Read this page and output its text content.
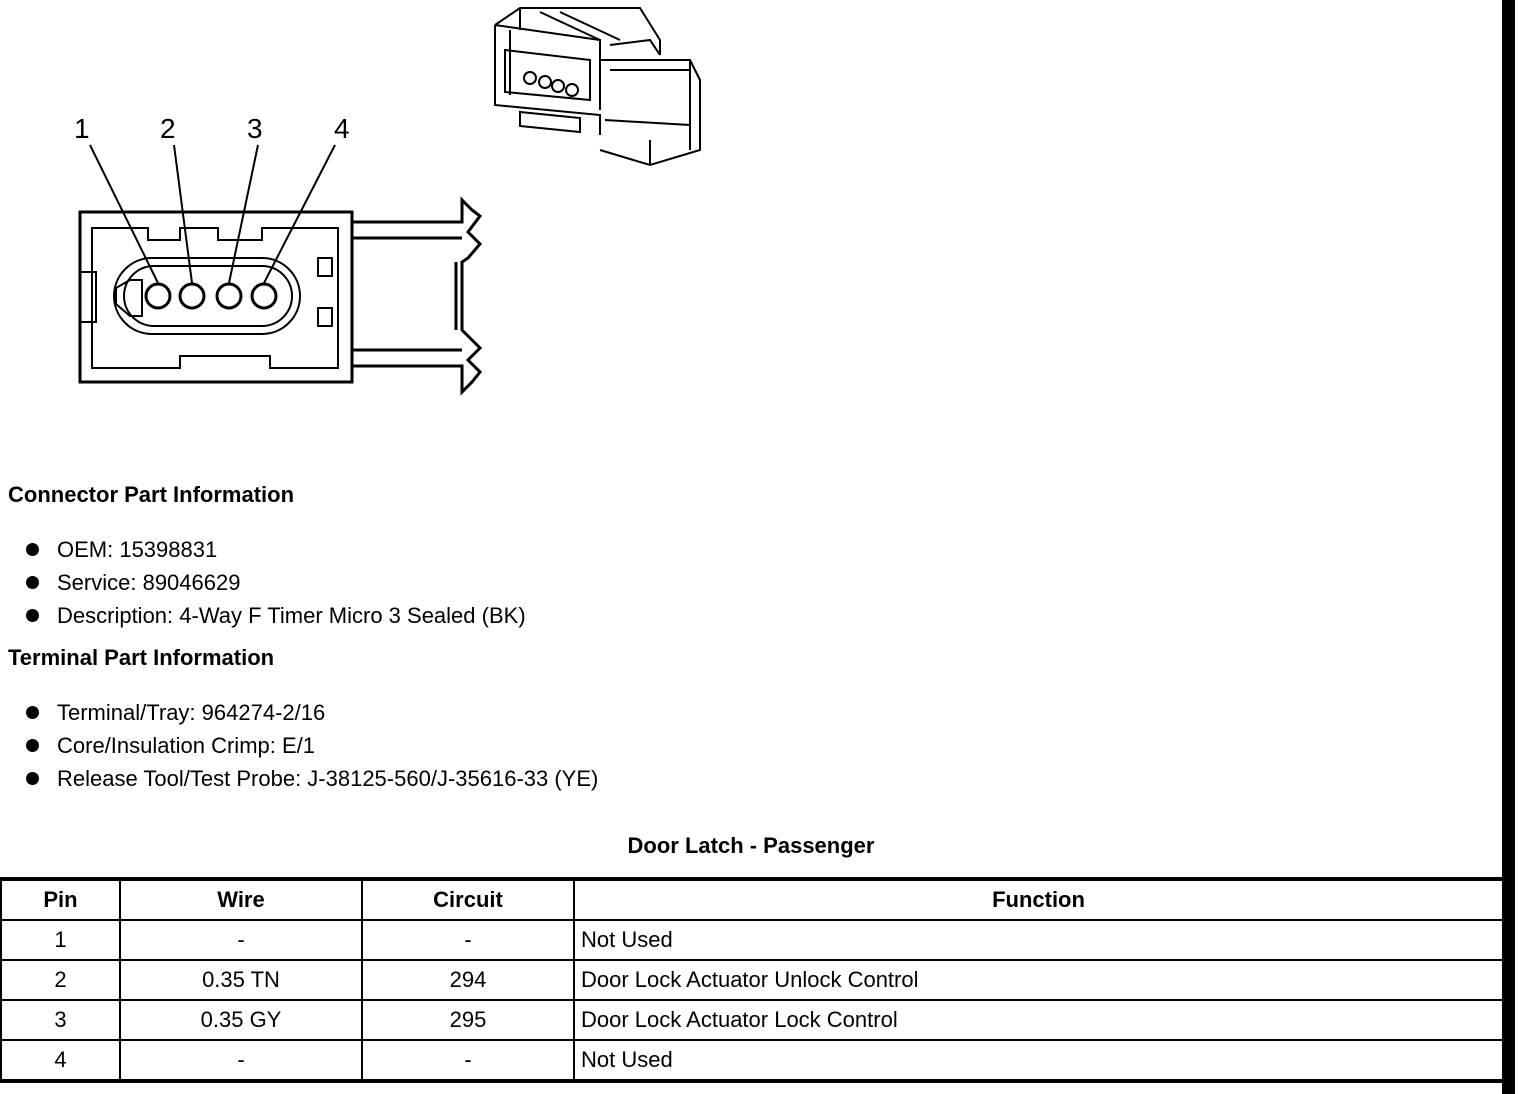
1	2	3	4
Connector Part Information
OEM: 15398831
Service: 89046629
Description: 4-Way F Timer Micro 3 Sealed (BK)
Terminal Part Information
Terminal/Tray: 964274-2/16
Core/Insulation Crimp: E/1
Release Tool/Test Probe: J-38125-560/J-35616-33 (YE)
Door Latch - Passenger
Pin	Wire	Circuit	Function
1	-	-	Not Used
2	0.35 TN	294	Door Lock Actuator Unlock Control
3	0.35 GY	295	Door Lock Actuator Lock Control
4	-	-	Not Used
